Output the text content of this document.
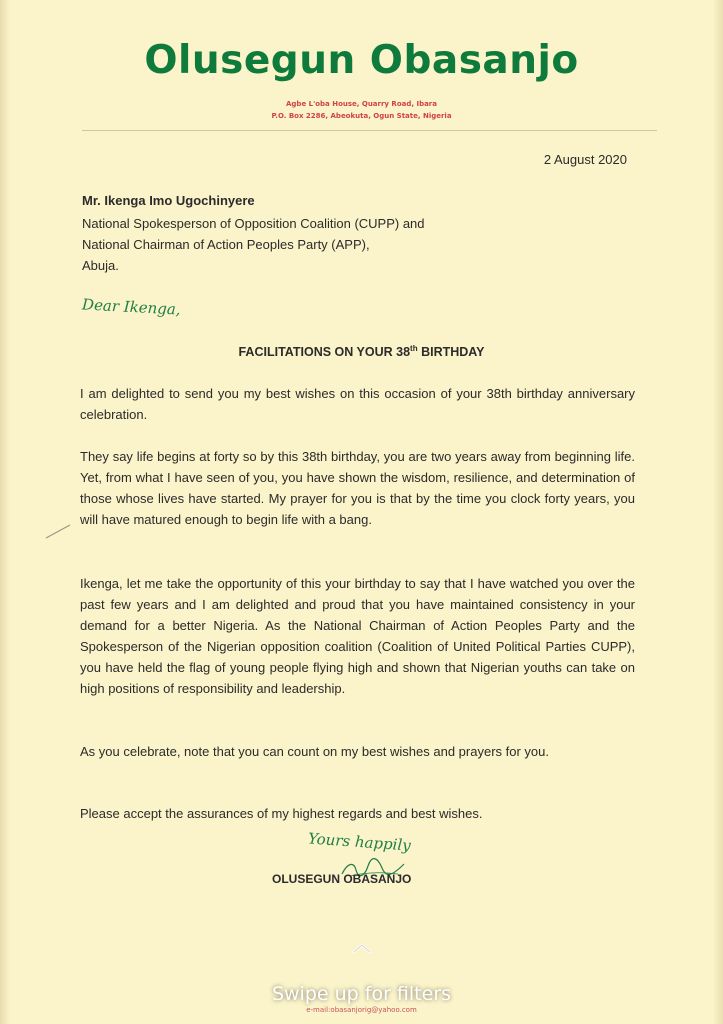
Olusegun Obasanjo
Agbe L'oba House, Quarry Road, Ibara
P.O. Box 2286, Abeokuta, Ogun State, Nigeria

2 August 2020

Mr. Ikenga Imo Ugochinyere

National Spokesperson of Opposition Coalition (CUPP) and

National Chairman of Action Peoples Party (APP),

Abuja.

Dear Ikenga,

FACILITATIONS ON YOUR 38th BIRTHDAY

I am delighted to send you my best wishes on this occasion of your 38th birthday anniversary celebration.

They say life begins at forty so by this 38th birthday, you are two years away from beginning life. Yet, from what I have seen of you, you have shown the wisdom, resilience, and determination of those whose lives have started. My prayer for you is that by the time you clock forty years, you will have matured enough to begin life with a bang.

Ikenga, let me take the opportunity of this your birthday to say that I have watched you over the past few years and I am delighted and proud that you have maintained consistency in your demand for a better Nigeria. As the National Chairman of Action Peoples Party and the Spokesperson of the Nigerian opposition coalition (Coalition of United Political Parties CUPP), you have held the flag of young people flying high and shown that Nigerian youths can take on high positions of responsibility and leadership.

As you celebrate, note that you can count on my best wishes and prayers for you.

Please accept the assurances of my highest regards and best wishes.

Yours happily

OLUSEGUN OBASANJO
Swipe up for filters
e-mail:obasanjorig@yahoo.com
